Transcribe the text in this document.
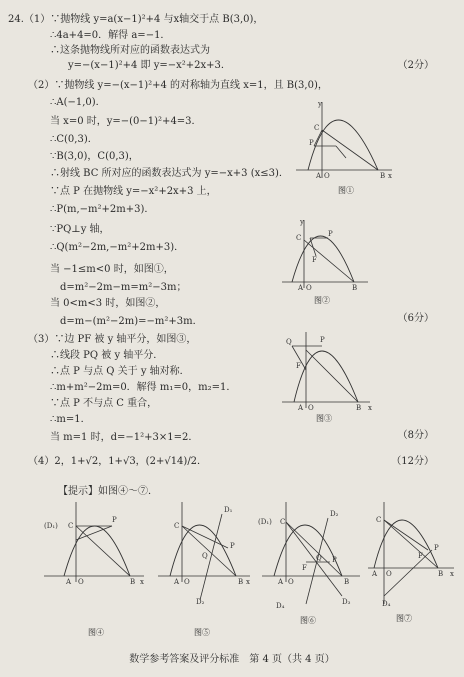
24.（1）∵抛物线 y=a(x−1)²+4 与x轴交于点 B(3,0)，
∴4a+4=0．解得 a=−1．
∴这条抛物线所对应的函数表达式为
y=−(x−1)²+4 即 y=−x²+2x+3．	（2分）
（2）∵抛物线 y=−(x−1)²+4 的对称轴为直线 x=1，且 B(3,0)，
∴A(−1,0)．
当 x=0 时，y=−(0−1)²+4=3．
∴C(0,3)．
∵B(3,0)，C(0,3)，
∴射线 BC 所对应的函数表达式为 y=−x+3 (x≤3)．
∵点 P 在抛物线 y=−x²+2x+3 上，
∴P(m,−m²+2m+3)．
∵PQ⊥y 轴，
∴Q(m²−2m,−m²+2m+3)．
当 −1≤m<0 时，如图①，
d=m²−2m−m=m²−3m；
当 0<m<3 时，如图②，
d=m−(m²−2m)=−m²+3m．	（6分）
（3）∵边 PF 被 y 轴平分，如图③，
∴线段 PQ 被 y 轴平分．
∴点 P 与点 Q 关于 y 轴对称．
∴m+m²−2m=0．解得 m₁=0，m₂=1．
∵点 P 不与点 C 重合，
∴m=1．
当 m=1 时，d=−1²+3×1=2．	（8分）
（4）2，1+√2，1+√3，(2+√14)/2．	（12分）
【提示】如图④～⑦．
A O	B
C
P
x
y
图①
C	P
F
A O	B
y
图②
Q	P
F
A O	B x
图③
(D₁) C
P
A O	B x
图④
C
D₁
P
Q
D₂
A O	B x
图⑤
(D₁) C
D₂
Q P
F
D₄	D₃
A O	B
图⑥
C
P
F
D₄
A O	B x
图⑦
数学参考答案及评分标准　第 4 页（共 4 页）
